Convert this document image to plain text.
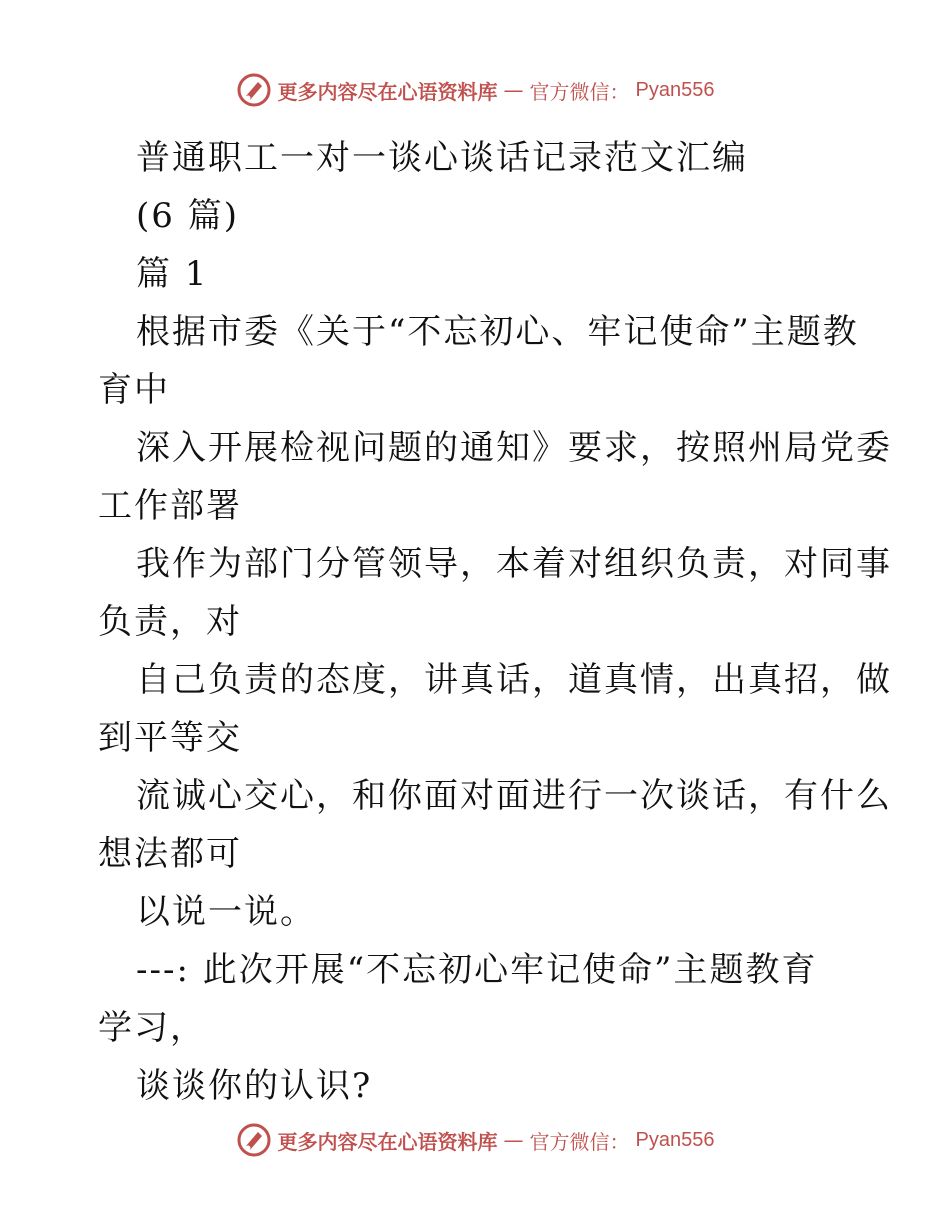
更多内容尽在心语资料库 — 官方微信： Pyan556
普通职工一对一谈心谈话记录范文汇编
(6 篇)
篇 1
根据市委《关于“不忘初心、牢记使命”主题教
育中
深入开展检视问题的通知》要求，按照州局党委
工作部署
我作为部门分管领导，本着对组织负责，对同事
负责，对
自己负责的态度，讲真话，道真情，出真招，做
到平等交
流诚心交心，和你面对面进行一次谈话，有什么
想法都可
以说一说。
---: 此次开展“不忘初心牢记使命”主题教育
学习，
谈谈你的认识?
更多内容尽在心语资料库 — 官方微信： Pyan556
